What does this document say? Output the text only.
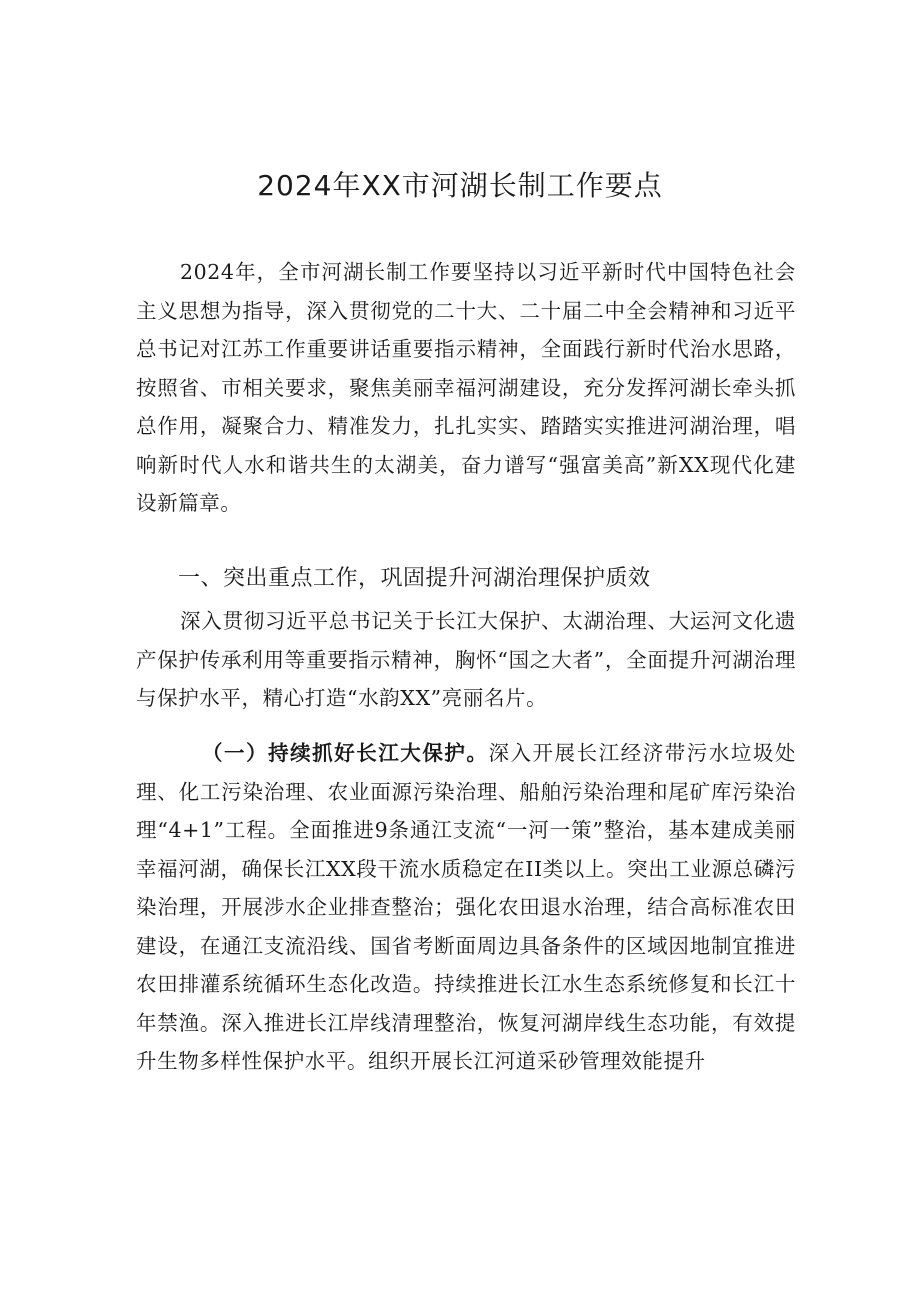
2024年XX市河湖长制工作要点

2024年，全市河湖长制工作要坚持以习近平新时代中国特色社会主义思想为指导，深入贯彻党的二十大、二十届二中全会精神和习近平总书记对江苏工作重要讲话重要指示精神，全面践行新时代治水思路，按照省、市相关要求，聚焦美丽幸福河湖建设，充分发挥河湖长牵头抓总作用，凝聚合力、精准发力，扎扎实实、踏踏实实推进河湖治理，唱响新时代人水和谐共生的太湖美，奋力谱写“强富美高”新XX现代化建设新篇章。

一、突出重点工作，巩固提升河湖治理保护质效

深入贯彻习近平总书记关于长江大保护、太湖治理、大运河文化遗产保护传承利用等重要指示精神，胸怀“国之大者”，全面提升河湖治理与保护水平，精心打造“水韵XX”亮丽名片。

（一）持续抓好长江大保护。深入开展长江经济带污水垃圾处理、化工污染治理、农业面源污染治理、船舶污染治理和尾矿库污染治理“4+1”工程。全面推进9条通江支流“一河一策”整治，基本建成美丽幸福河湖，确保长江XX段干流水质稳定在II类以上。突出工业源总磷污染治理，开展涉水企业排查整治；强化农田退水治理，结合高标准农田建设，在通江支流沿线、国省考断面周边具备条件的区域因地制宜推进农田排灌系统循环生态化改造。持续推进长江水生态系统修复和长江十年禁渔。深入推进长江岸线清理整治，恢复河湖岸线生态功能，有效提升生物多样性保护水平。组织开展长江河道采砂管理效能提升
